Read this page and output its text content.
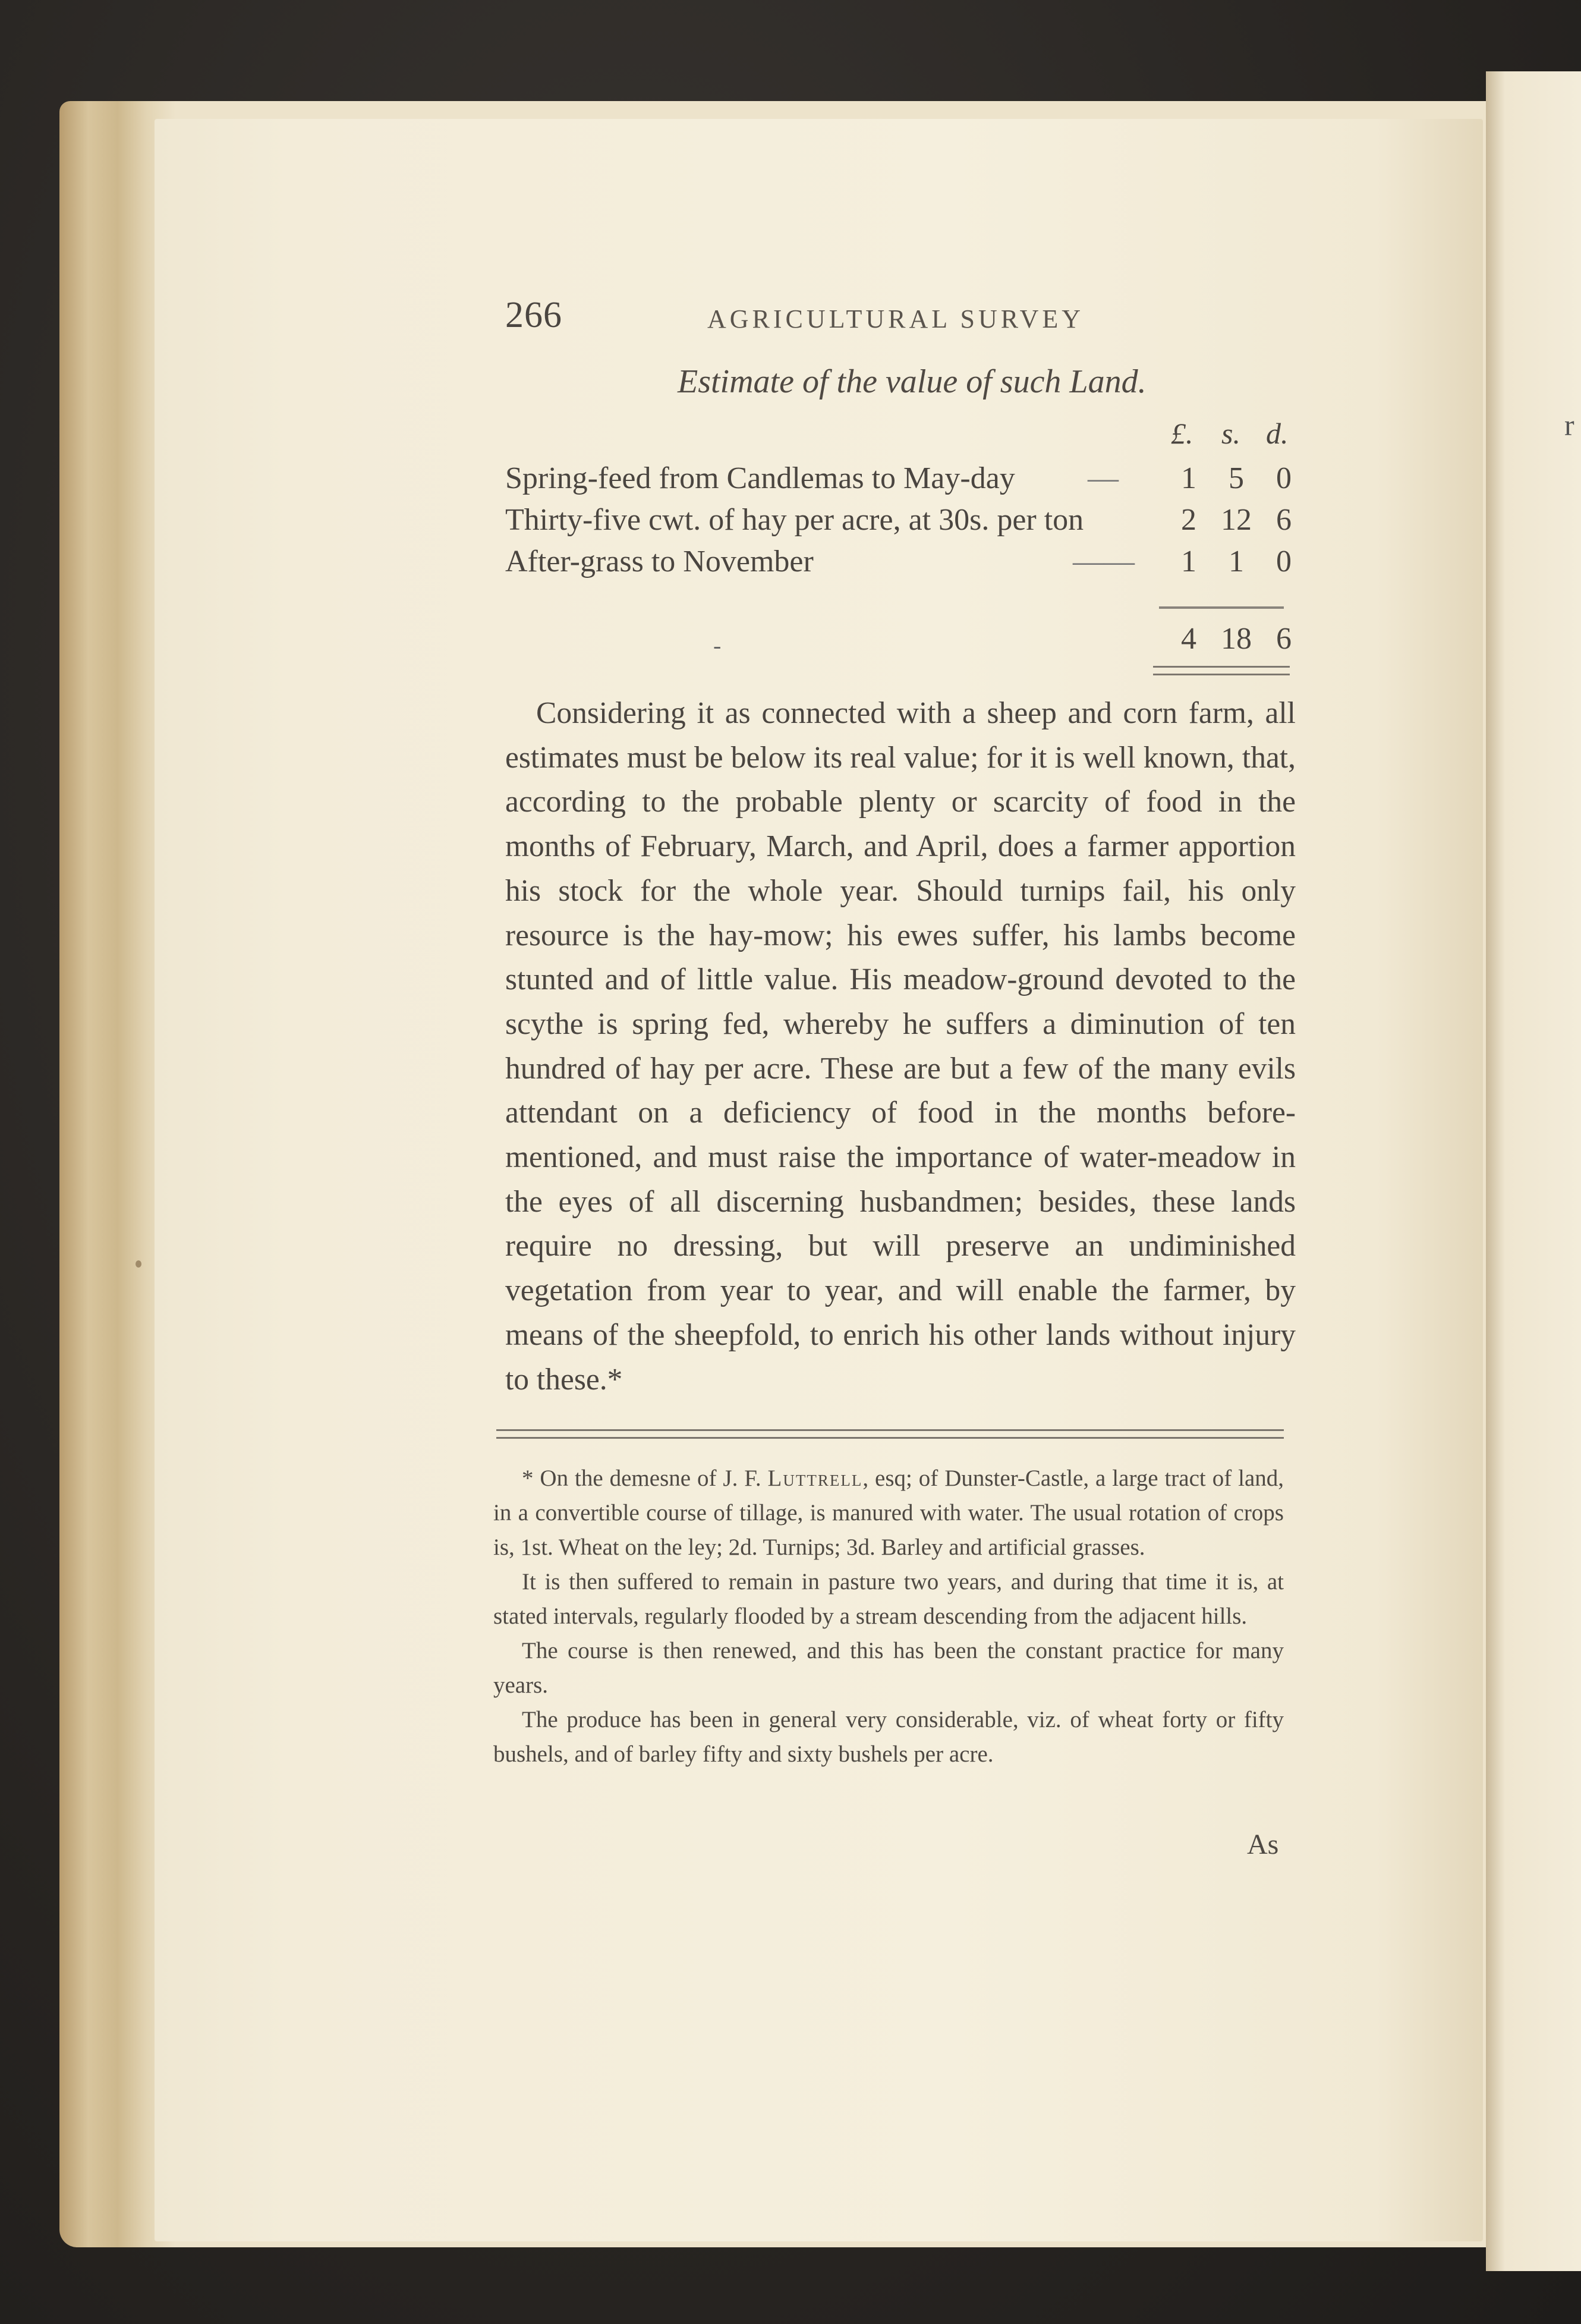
r
266	AGRICULTURAL SURVEY
Estimate of the value of such Land.
£. s. d.
Spring-feed from Candlemas to May-day —	1	5	0
Thirty-five cwt. of hay per acre, at 30s. per ton	2 12 6
After-grass to November	——	1	1	0
-	4 18 6

Considering it as connected with a sheep and corn farm, all estimates must be below its real value; for it is well known, that, according to the probable plenty or scarcity of food in the months of February, March, and April, does a farmer apportion his stock for the whole year. Should turnips fail, his only resource is the hay-mow; his ewes suffer, his lambs become stunted and of little value. His meadow-ground devoted to the scythe is spring fed, whereby he suffers a diminution of ten hundred of hay per acre. These are but a few of the many evils attendant on a deficiency of food in the months before-mentioned, and must raise the importance of water-meadow in the eyes of all discerning husbandmen; besides, these lands require no dressing, but will preserve an undiminished vegetation from year to year, and will enable the farmer, by means of the sheepfold, to enrich his other lands without injury to these.*

* On the demesne of J. F. Luttrell, esq; of Dunster-Castle, a large tract of land, in a convertible course of tillage, is manured with water. The usual rotation of crops is, 1st. Wheat on the ley; 2d. Turnips; 3d. Barley and artificial grasses.

It is then suffered to remain in pasture two years, and during that time it is, at stated intervals, regularly flooded by a stream descending from the adjacent hills.

The course is then renewed, and this has been the constant practice for many years.

The produce has been in general very considerable, viz. of wheat forty or fifty bushels, and of barley fifty and sixty bushels per acre.

As
